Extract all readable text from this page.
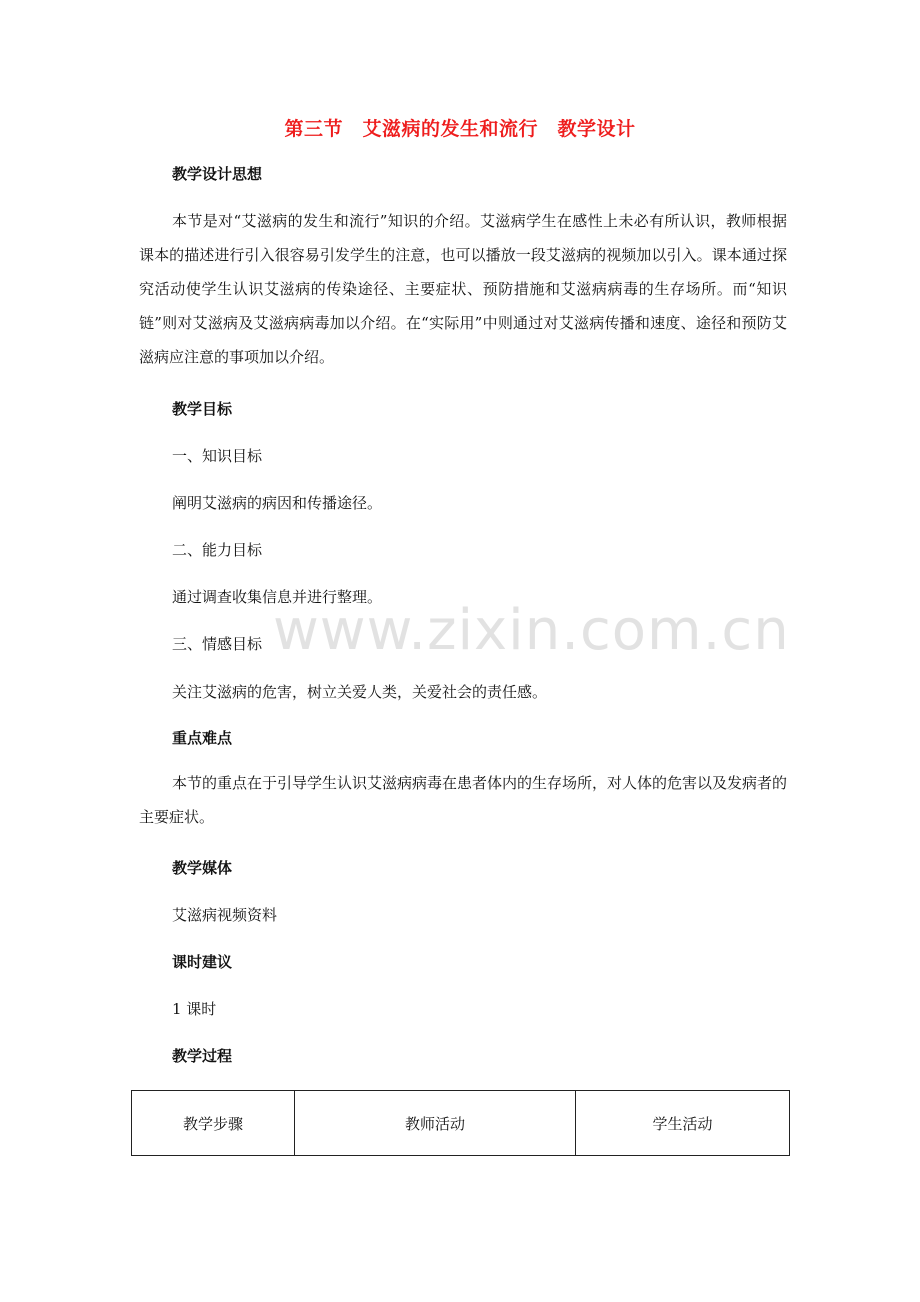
第三节　艾滋病的发生和流行　教学设计
教学设计思想
本节是对“艾滋病的发生和流行”知识的介绍。艾滋病学生在感性上未必有所认识，教师根据课本的描述进行引入很容易引发学生的注意，也可以播放一段艾滋病的视频加以引入。课本通过探究活动使学生认识艾滋病的传染途径、主要症状、预防措施和艾滋病病毒的生存场所。而“知识链”则对艾滋病及艾滋病病毒加以介绍。在“实际用”中则通过对艾滋病传播和速度、途径和预防艾滋病应注意的事项加以介绍。
教学目标
一、知识目标
阐明艾滋病的病因和传播途径。
二、能力目标
通过调查收集信息并进行整理。
www.zixin.com.cn
三、情感目标
关注艾滋病的危害，树立关爱人类，关爱社会的责任感。
重点难点
本节的重点在于引导学生认识艾滋病病毒在患者体内的生存场所，对人体的危害以及发病者的主要症状。
教学媒体
艾滋病视频资料
课时建议
1 课时
教学过程
教学步骤	教师活动	学生活动
